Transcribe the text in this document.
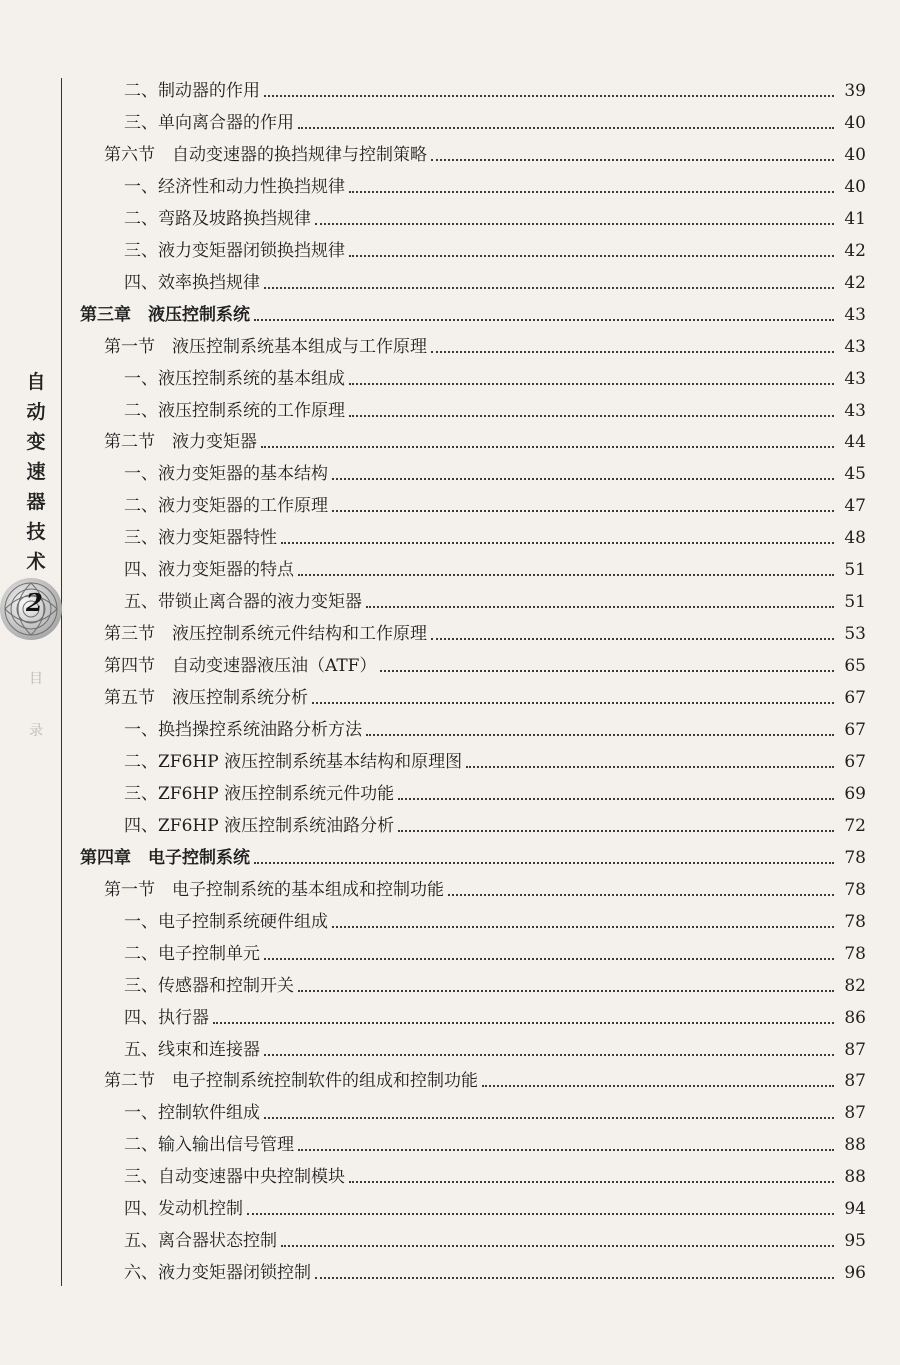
自
动
变
速
器
技
术
2
目
录
二、制动器的作用	39
三、单向离合器的作用	40
第六节　自动变速器的换挡规律与控制策略	40
一、经济性和动力性换挡规律	40
二、弯路及坡路换挡规律	41
三、液力变矩器闭锁换挡规律	42
四、效率换挡规律	42
第三章　液压控制系统	43
第一节　液压控制系统基本组成与工作原理	43
一、液压控制系统的基本组成	43
二、液压控制系统的工作原理	43
第二节　液力变矩器	44
一、液力变矩器的基本结构	45
二、液力变矩器的工作原理	47
三、液力变矩器特性	48
四、液力变矩器的特点	51
五、带锁止离合器的液力变矩器	51
第三节　液压控制系统元件结构和工作原理	53
第四节　自动变速器液压油（ATF）	65
第五节　液压控制系统分析	67
一、换挡操控系统油路分析方法	67
二、ZF6HP 液压控制系统基本结构和原理图	67
三、ZF6HP 液压控制系统元件功能	69
四、ZF6HP 液压控制系统油路分析	72
第四章　电子控制系统	78
第一节　电子控制系统的基本组成和控制功能	78
一、电子控制系统硬件组成	78
二、电子控制单元	78
三、传感器和控制开关	82
四、执行器	86
五、线束和连接器	87
第二节　电子控制系统控制软件的组成和控制功能	87
一、控制软件组成	87
二、输入输出信号管理	88
三、自动变速器中央控制模块	88
四、发动机控制	94
五、离合器状态控制	95
六、液力变矩器闭锁控制	96
